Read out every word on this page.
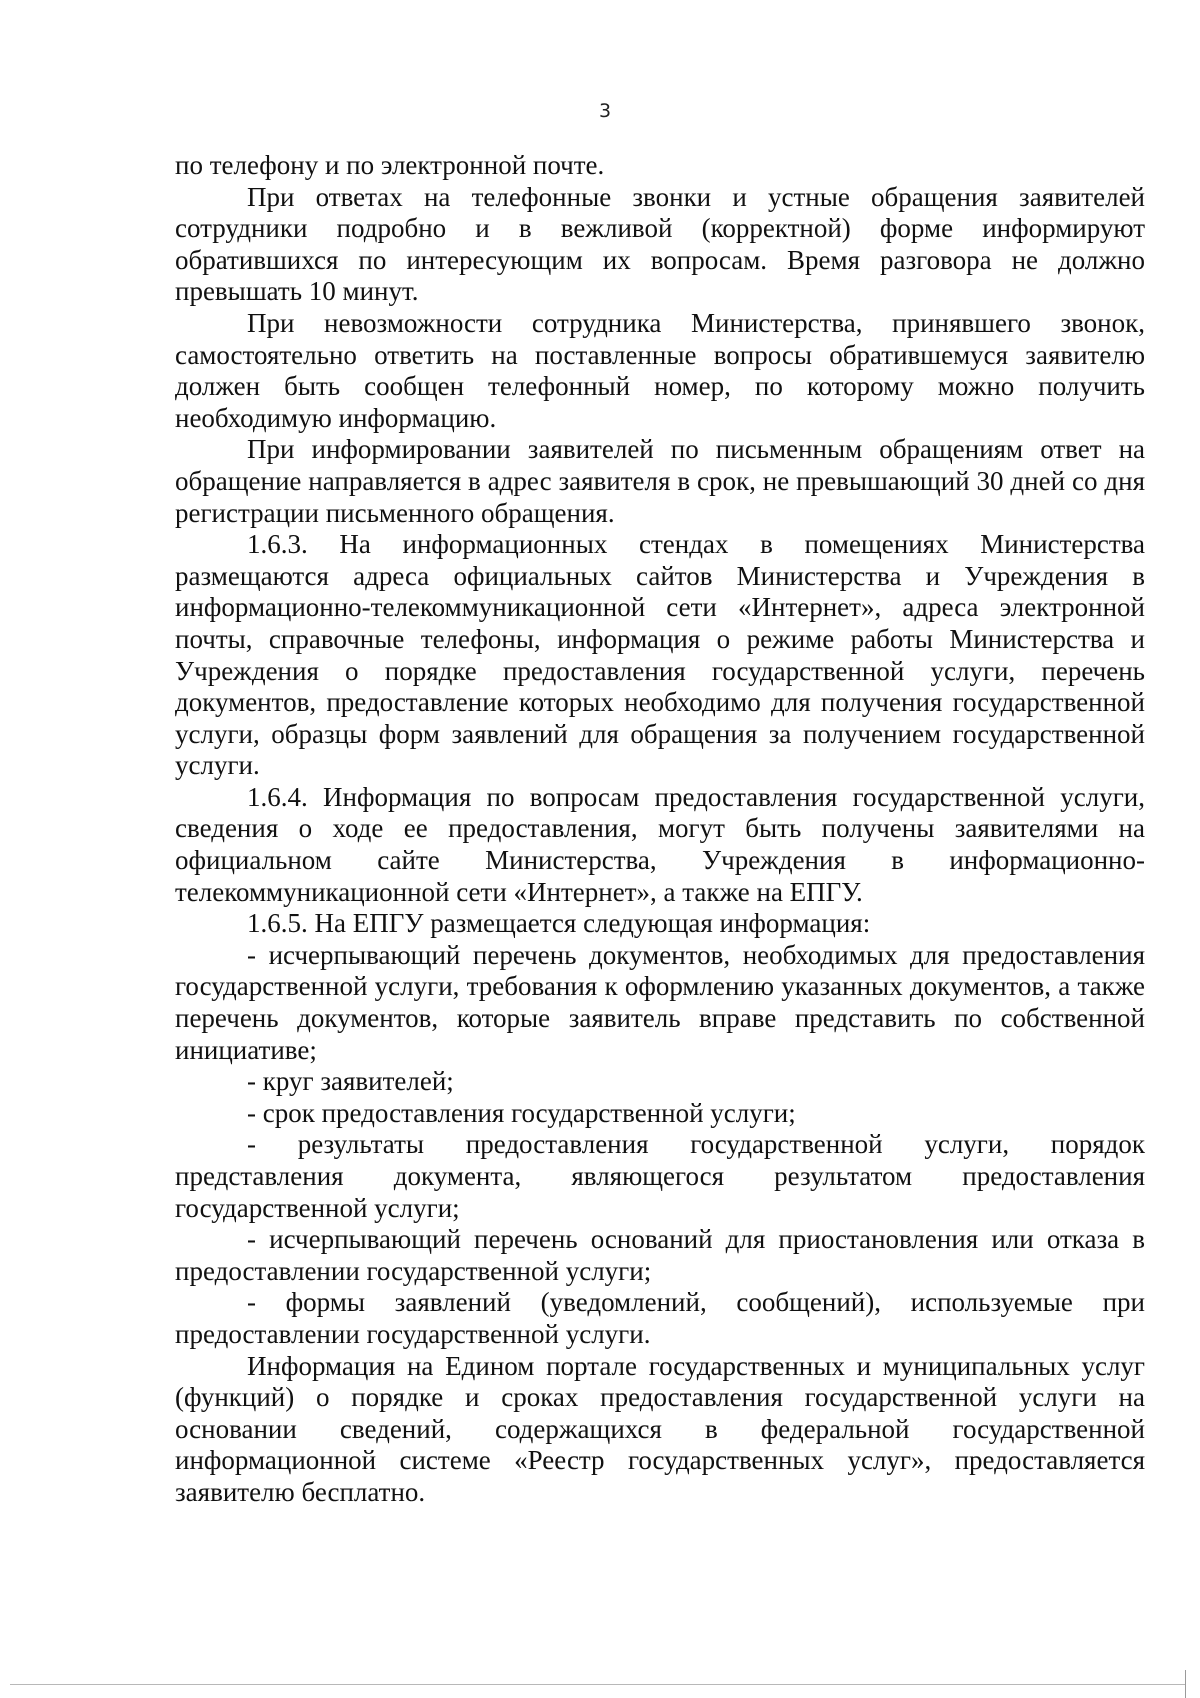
3

по телефону и по электронной почте.

При ответах на телефонные звонки и устные обращения заявителей сотрудники подробно и в вежливой (корректной) форме информируют обратившихся по интересующим их вопросам. Время разговора не должно превышать 10 минут.

При невозможности сотрудника Министерства, принявшего звонок, самостоятельно ответить на поставленные вопросы обратившемуся заявителю должен быть сообщен телефонный номер, по которому можно получить необходимую информацию.

При информировании заявителей по письменным обращениям ответ на обращение направляется в адрес заявителя в срок, не превышающий 30 дней со дня регистрации письменного обращения.

1.6.3. На информационных стендах в помещениях Министерства размещаются адреса официальных сайтов Министерства и Учреждения в информационно-телекоммуникационной сети «Интернет», адреса электронной почты, справочные телефоны, информация о режиме работы Министерства и Учреждения о порядке предоставления государственной услуги, перечень документов, предоставление которых необходимо для получения государственной услуги, образцы форм заявлений для обращения за получением государственной услуги.

1.6.4. Информация по вопросам предоставления государственной услуги, сведения о ходе ее предоставления, могут быть получены заявителями на официальном сайте Министерства, Учреждения в информационно-телекоммуникационной сети «Интернет», а также на ЕПГУ.

1.6.5. На ЕПГУ размещается следующая информация:

- исчерпывающий перечень документов, необходимых для предоставления государственной услуги, требования к оформлению указанных документов, а также перечень документов, которые заявитель вправе представить по собственной инициативе;

- круг заявителей;

- срок предоставления государственной услуги;

- результаты предоставления государственной услуги, порядок представления документа, являющегося результатом предоставления государственной услуги;

- исчерпывающий перечень оснований для приостановления или отказа в предоставлении государственной услуги;

- формы заявлений (уведомлений, сообщений), используемые при предоставлении государственной услуги.

Информация на Едином портале государственных и муниципальных услуг (функций) о порядке и сроках предоставления государственной услуги на основании сведений, содержащихся в федеральной государственной информационной системе «Реестр государственных услуг», предоставляется заявителю бесплатно.
